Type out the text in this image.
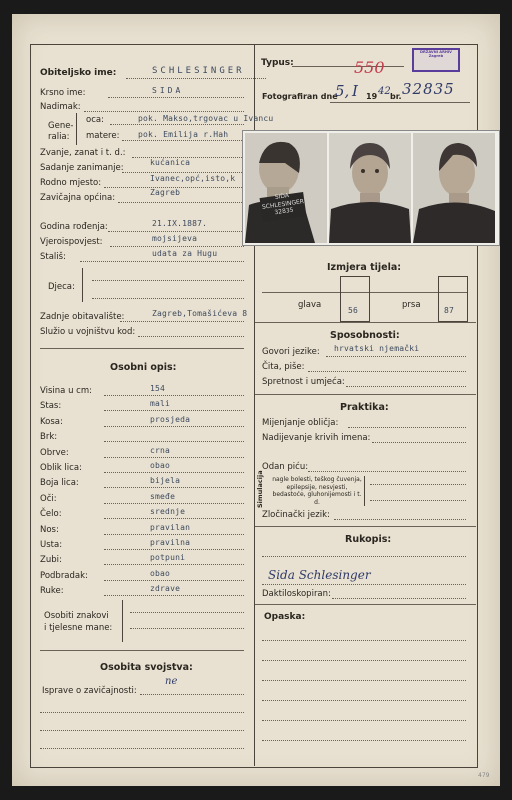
Obiteljsko ime:	SCHLESINGER
Typus:	550
DRŽAVNI ARHIV Zagreb
Fotografiran dne
5, I 19 42 br. 32835
Krsno ime:	SIDA
Nadimak:
Gene-
ralia:
oca:	pok. Makso,trgovac u Ivancu
matere: pok. Emilija r.Hah
Zvanje, zanat i t. d.:
Sadanje zanimanje:
kućanica
Rodno mjesto:	Ivanec,opć,isto,k
Zavičajna općina:
Zagreb
Godina rođenja:	21.IX.1887.
Vjeroispovjest:	mojsijeva
Stališ:	udata za Hugu
Djeca:
Zadnje obitavalište:	Zagreb,Tomašićeva 8
Služio u vojništvu kod:
Osobni opis:
Visina u cm:	154
Stas:	mali
Kosa:	prosjeda
Brk:
Obrve:	crna
Oblik lica:	obao
Boja lica:	bijela
Oči:	smeđe
Čelo:	srednje
Nos:	pravilan
Usta:	pravilna
Zubi:	potpuni
Podbradak:	obao
Ruke:	zdrave
Osobiti znakovi
i tjelesne mane:
Osobita svojstva:
Isprave o zavičajnosti:
ne
SIDA SCHLESINGER 32835
Izmjera tijela:
glava
56
prsa
87
Sposobnosti:
Govori jezike: hrvatski njemački
Čita, piše:
Spretnost i umjeća:
Praktika:
Mijenjanje obličja:
Nadijevanje krivih imena:
Odan piću:
Simulacija nagle bolesti, teškog čuvenja, epilepsije, nesvjesti, bedastoće, gluhonijemosti i t. d.
Zločinački jezik:
Rukopis:
Sida Schlesinger
Daktiloskopiran:
Opaska:
479
